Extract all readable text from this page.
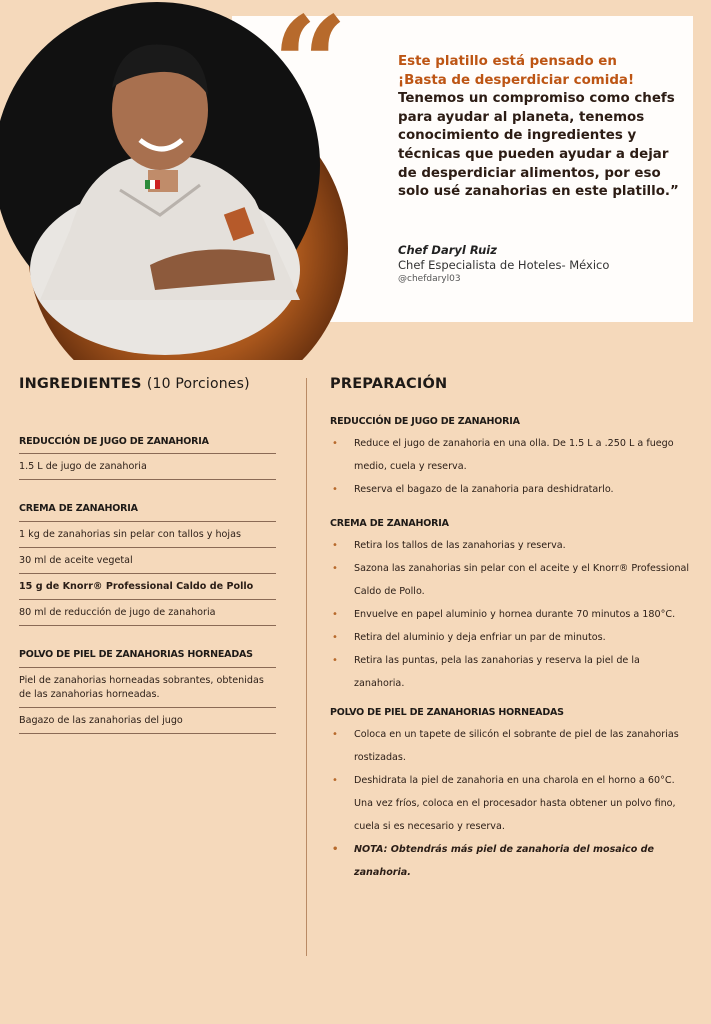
“	Este platillo está pensado en
¡Basta de desperdiciar comida!
Tenemos un compromiso como chefs para ayudar al planeta, tenemos conocimiento de ingredientes y técnicas que pueden ayudar a dejar de desperdiciar alimentos, por eso solo usé zanahorias en este platillo.”
Chef Daryl Ruiz
Chef Especialista de Hoteles- México
@chefdaryl03
INGREDIENTES (10 Porciones)
REDUCCIÓN DE JUGO DE ZANAHORIA
1.5 L de jugo de zanahoria
CREMA DE ZANAHORIA
1 kg de zanahorias sin pelar con tallos y hojas
30 ml de aceite vegetal
15 g de Knorr® Professional Caldo de Pollo
80 ml de reducción de jugo de zanahoria
POLVO DE PIEL DE ZANAHORIAS HORNEADAS
Piel de zanahorias horneadas sobrantes, obtenidas de las zanahorias horneadas.
Bagazo de las zanahorias del jugo
PREPARACIÓN
REDUCCIÓN DE JUGO DE ZANAHORIA
• Reduce el jugo de zanahoria en una olla. De 1.5 L a .250 L a fuego medio, cuela y reserva.
• Reserva el bagazo de la zanahoria para deshidratarlo.
CREMA DE ZANAHORIA
• Retira los tallos de las zanahorias y reserva.
• Sazona las zanahorias sin pelar con el aceite y el Knorr® Professional Caldo de Pollo.
• Envuelve en papel aluminio y hornea durante 70 minutos a 180°C.
• Retira del aluminio y deja enfriar un par de minutos.
• Retira las puntas, pela las zanahorias y reserva la piel de la zanahoria.
POLVO DE PIEL DE ZANAHORIAS HORNEADAS
• Coloca en un tapete de silicón el sobrante de piel de las zanahorias rostizadas.
• Deshidrata la piel de zanahoria en una charola en el horno a 60°C. Una vez fríos, coloca en el procesador hasta obtener un polvo fino, cuela si es necesario y reserva.
• NOTA: Obtendrás más piel de zanahoria del mosaico de zanahoria.
